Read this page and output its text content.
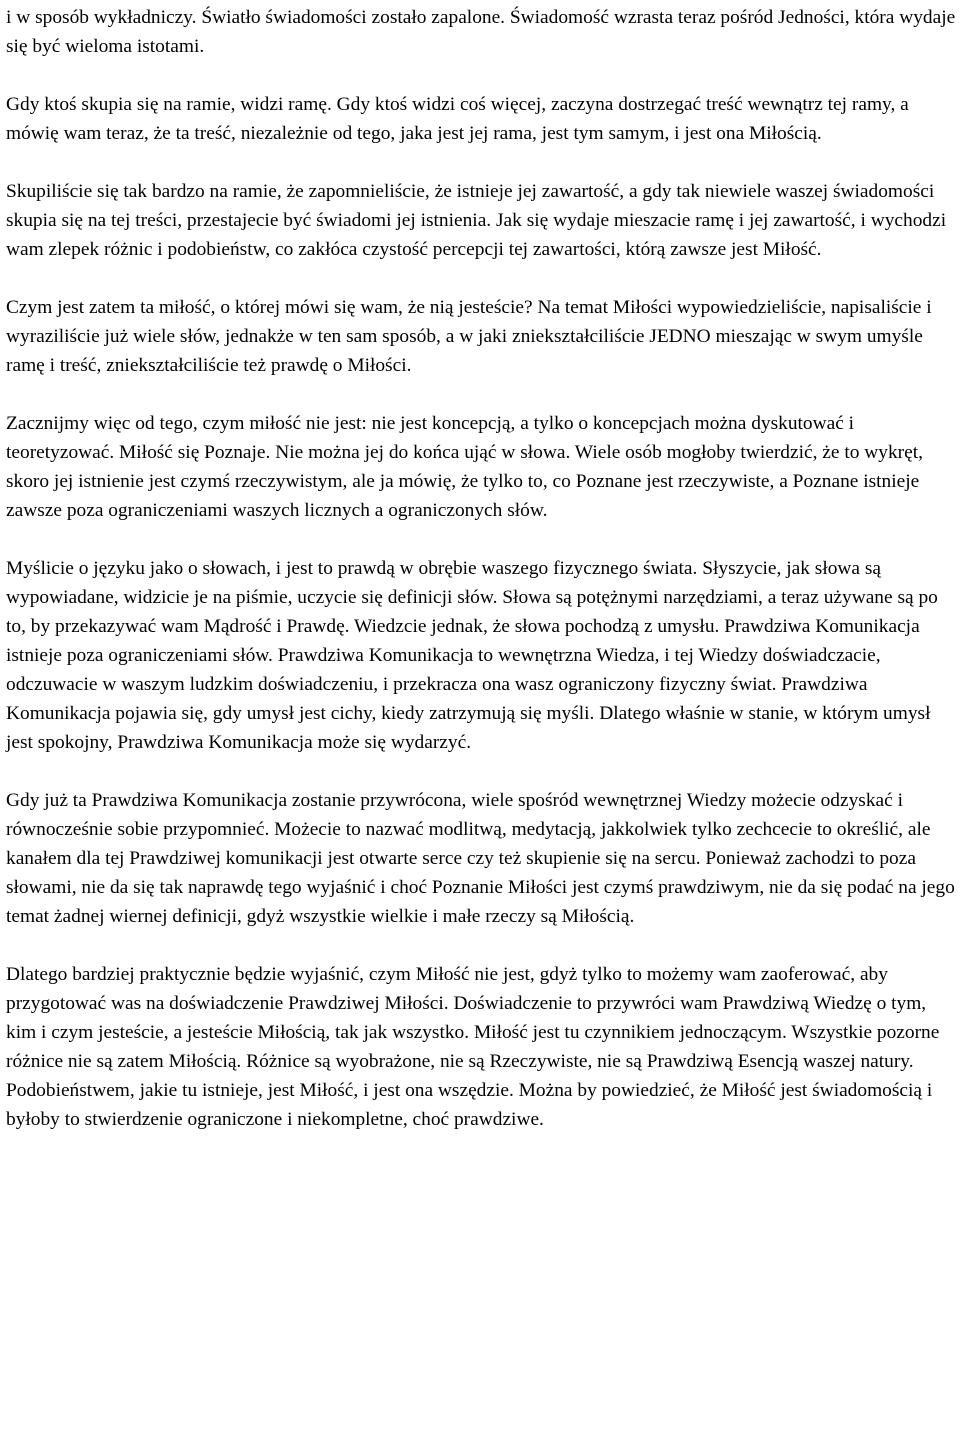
i w sposób wykładniczy. Światło świadomości zostało zapalone. Świadomość wzrasta teraz pośród Jedności, która wydaje się być wieloma istotami.

Gdy ktoś skupia się na ramie, widzi ramę. Gdy ktoś widzi coś więcej, zaczyna dostrzegać treść wewnątrz tej ramy, a mówię wam teraz, że ta treść, niezależnie od tego, jaka jest jej rama, jest tym samym, i jest ona Miłością.

Skupiliście się tak bardzo na ramie, że zapomnieliście, że istnieje jej zawartość, a gdy tak niewiele waszej świadomości skupia się na tej treści, przestajecie być świadomi jej istnienia. Jak się wydaje mieszacie ramę i jej zawartość, i wychodzi wam zlepek różnic i podobieństw, co zakłóca czystość percepcji tej zawartości, którą zawsze jest Miłość.

Czym jest zatem ta miłość, o której mówi się wam, że nią jesteście? Na temat Miłości wypowiedzieliście, napisaliście i wyraziliście już wiele słów, jednakże w ten sam sposób, a w jaki zniekształciliście JEDNO mieszając w swym umyśle ramę i treść, zniekształciliście też prawdę o Miłości.

Zacznijmy więc od tego, czym miłość nie jest: nie jest koncepcją, a tylko o koncepcjach można dyskutować i teoretyzować. Miłość się Poznaje. Nie można jej do końca ująć w słowa. Wiele osób mogłoby twierdzić, że to wykręt, skoro jej istnienie jest czymś rzeczywistym, ale ja mówię, że tylko to, co Poznane jest rzeczywiste, a Poznane istnieje zawsze poza ograniczeniami waszych licznych a ograniczonych słów.

Myślicie o języku jako o słowach, i jest to prawdą w obrębie waszego fizycznego świata. Słyszycie, jak słowa są wypowiadane, widzicie je na piśmie, uczycie się definicji słów. Słowa są potężnymi narzędziami, a teraz używane są po to, by przekazywać wam Mądrość i Prawdę. Wiedzcie jednak, że słowa pochodzą z umysłu. Prawdziwa Komunikacja istnieje poza ograniczeniami słów. Prawdziwa Komunikacja to wewnętrzna Wiedza, i tej Wiedzy doświadczacie, odczuwacie w waszym ludzkim doświadczeniu, i przekracza ona wasz ograniczony fizyczny świat. Prawdziwa Komunikacja pojawia się, gdy umysł jest cichy, kiedy zatrzymują się myśli. Dlatego właśnie w stanie, w którym umysł jest spokojny, Prawdziwa Komunikacja może się wydarzyć.

Gdy już ta Prawdziwa Komunikacja zostanie przywrócona, wiele spośród wewnętrznej Wiedzy możecie odzyskać i równocześnie sobie przypomnieć. Możecie to nazwać modlitwą, medytacją, jakkolwiek tylko zechcecie to określić, ale kanałem dla tej Prawdziwej komunikacji jest otwarte serce czy też skupienie się na sercu. Ponieważ zachodzi to poza słowami, nie da się tak naprawdę tego wyjaśnić i choć Poznanie Miłości jest czymś prawdziwym, nie da się podać na jego temat żadnej wiernej definicji, gdyż wszystkie wielkie i małe rzeczy są Miłością.

Dlatego bardziej praktycznie będzie wyjaśnić, czym Miłość nie jest, gdyż tylko to możemy wam zaoferować, aby przygotować was na doświadczenie Prawdziwej Miłości. Doświadczenie to przywróci wam Prawdziwą Wiedzę o tym, kim i czym jesteście, a jesteście Miłością, tak jak wszystko. Miłość jest tu czynnikiem jednoczącym. Wszystkie pozorne różnice nie są zatem Miłością. Różnice są wyobrażone, nie są Rzeczywiste, nie są Prawdziwą Esencją waszej natury. Podobieństwem, jakie tu istnieje, jest Miłość, i jest ona wszędzie. Można by powiedzieć, że Miłość jest świadomością i byłoby to stwierdzenie ograniczone i niekompletne, choć prawdziwe.
